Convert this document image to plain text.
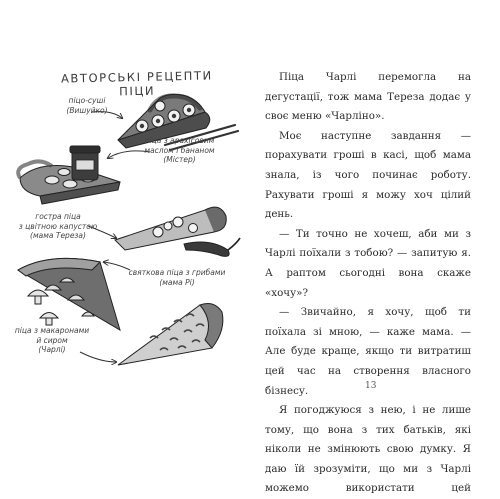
АВТОРСЬКІ РЕЦЕПТИ ПІЦИ
піцо-суші
(Вишуйко)
піца з арахісовим
маслом і бананом
(Містер)
гостра піца
з цвітною капустою
(мама Тереза)
святкова піца з грибами
(мама Рі)
піца з макаронами
й сиром
(Чарлі)

Піца Чарлі перемогла на дегустації, тож мама Тереза додає у своє меню «Чарліно».

Моє наступне завдання — порахувати гроші в касі, щоб мама знала, із чого починає роботу. Рахувати гроші я можу хоч цілий день.

— Ти точно не хочеш, аби ми з Чарлі поїхали з тобою? — запитую я. А раптом сьогодні вона скаже «хочу»?

— Звичайно, я хочу, щоб ти поїхала зі мною, — каже мама. — Але буде краще, якщо ти витратиш цей час на створення власного бізнесу.

Я погоджуюся з нею, і не лише тому, що вона з тих батьків, які ніколи не змінюють свою думку. Я даю їй зрозуміти, що ми з Чарлі можемо використати цей

13
